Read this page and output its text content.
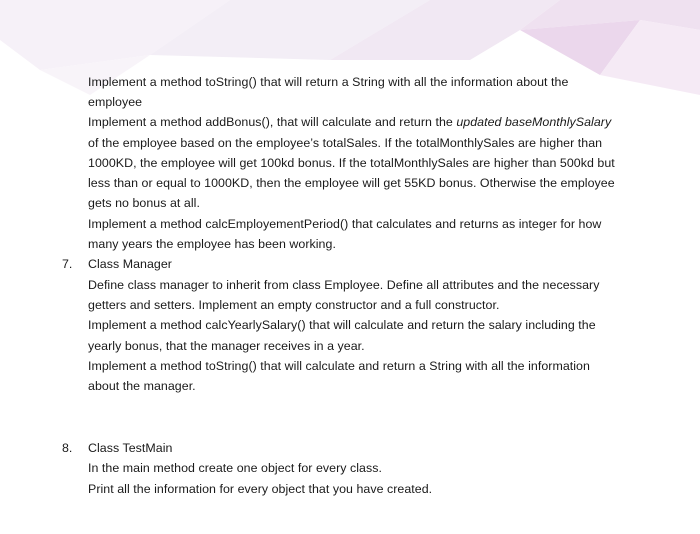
Implement a method toString() that will return a String with all the information about the
employee
Implement a method addBonus(), that will calculate and return the updated baseMonthlySalary
of the employee based on the employee’s totalSales. If the totalMonthlySales are higher than
1000KD, the employee will get 100kd bonus. If the totalMonthlySales are higher than 500kd but
less than or equal to 1000KD, then the employee will get 55KD bonus. Otherwise the employee
gets no bonus at all.
Implement a method calcEmployementPeriod() that calculates and returns as integer for how
many years the employee has been working.
7. Class Manager
Define class manager to inherit from class Employee. Define all attributes and the necessary
getters and setters. Implement an empty constructor and a full constructor.
Implement a method calcYearlySalary() that will calculate and return the salary including the
yearly bonus, that the manager receives in a year.
Implement a method toString() that will calculate and return a String with all the information
about the manager.
8. Class TestMain
In the main method create one object for every class.
Print all the information for every object that you have created.
